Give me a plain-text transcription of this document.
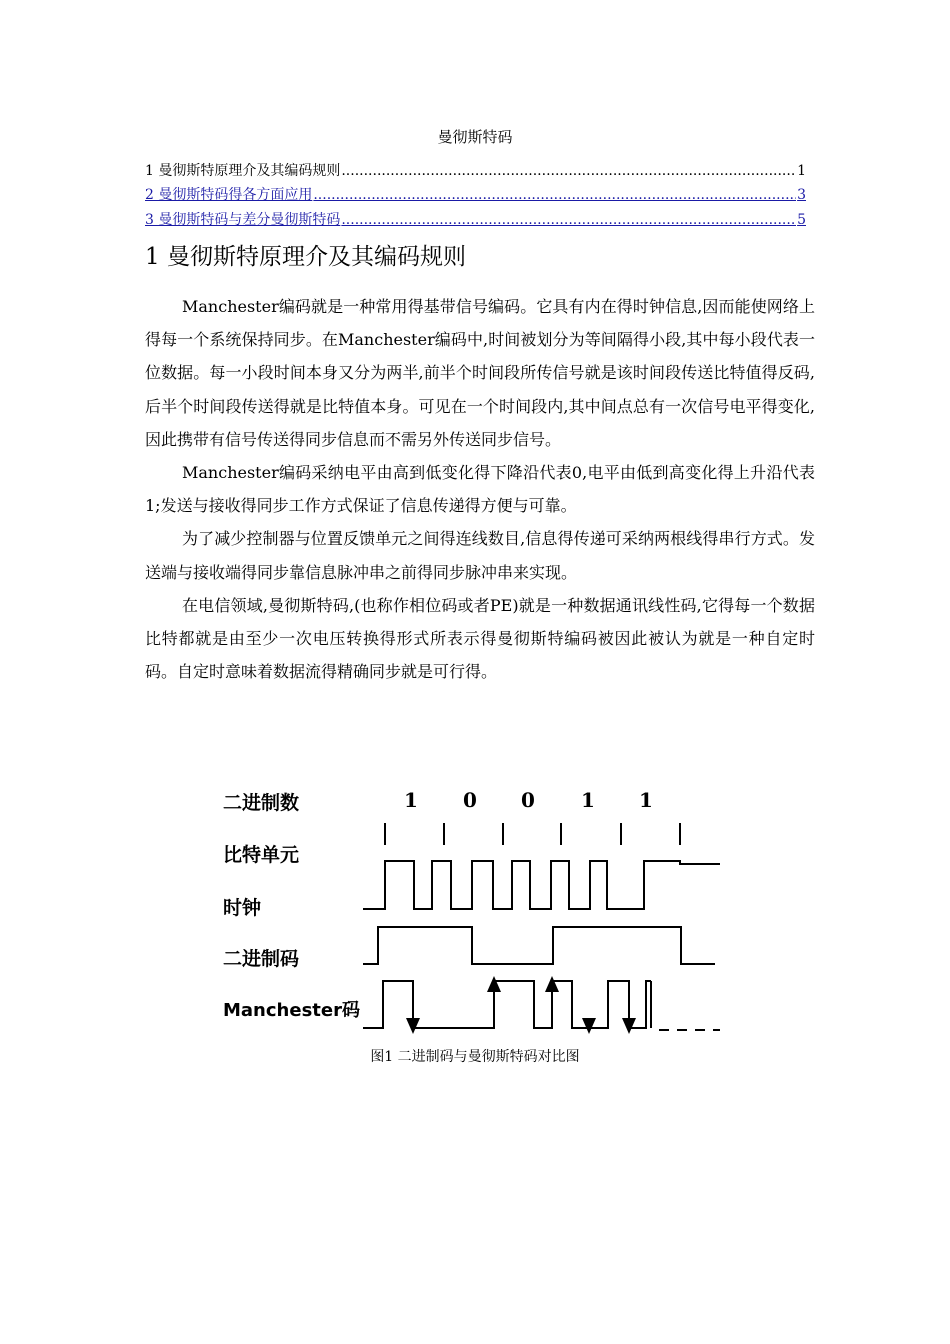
曼彻斯特码
1 曼彻斯特原理介及其编码规则 .....	1
2 曼彻斯特码得各方面应用 .....	3
3 曼彻斯特码与差分曼彻斯特码 .....	5
1 曼彻斯特原理介及其编码规则

Manchester编码就是一种常用得基带信号编码。它具有内在得时钟信息,因而能使网络上得每一个系统保持同步。在Manchester编码中,时间被划分为等间隔得小段,其中每小段代表一位数据。每一小段时间本身又分为两半,前半个时间段所传信号就是该时间段传送比特值得反码,后半个时间段传送得就是比特值本身。可见在一个时间段内,其中间点总有一次信号电平得变化,因此携带有信号传送得同步信息而不需另外传送同步信号。

Manchester编码采纳电平由高到低变化得下降沿代表0,电平由低到高变化得上升沿代表1;发送与接收得同步工作方式保证了信息传递得方便与可靠。

为了减少控制器与位置反馈单元之间得连线数目,信息得传递可采纳两根线得串行方式。发送端与接收端得同步靠信息脉冲串之前得同步脉冲串来实现。

在电信领域,曼彻斯特码,(也称作相位码或者PE)就是一种数据通讯线性码,它得每一个数据比特都就是由至少一次电压转换得形式所表示得曼彻斯特编码被因此被认为就是一种自定时码。自定时意味着数据流得精确同步就是可行得。

二进制数
比特单元
时钟
二进制码
Manchester码
1 0 0 1 1
图1 二进制码与曼彻斯特码对比图
